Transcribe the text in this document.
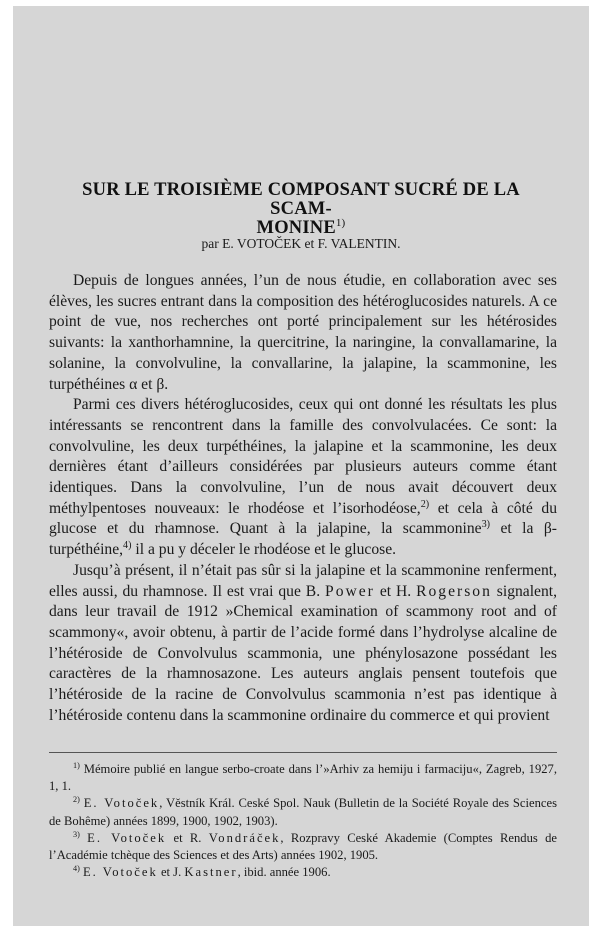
SUR LE TROISIÈME COMPOSANT SUCRÉ DE LA SCAM-
MONINE$^{1)}$
par E. VOTOČEK et F. VALENTIN.

Depuis de longues années, l’un de nous étudie, en collaboration avec ses élèves, les sucres entrant dans la composition des hétéroglucosides naturels. A ce point de vue, nos recherches ont porté principalement sur les hétérosides suivants: la xanthorhamnine, la quercitrine, la naringine, la convallamarine, la solanine, la convolvuline, la convallarine, la jalapine, la scammonine, les turpéthéines α et β.

Parmi ces divers hétéroglucosides, ceux qui ont donné les résultats les plus intéressants se rencontrent dans la famille des convolvulacées. Ce sont: la convolvuline, les deux turpéthéines, la jalapine et la scammonine, les deux dernières étant d’ailleurs considérées par plusieurs auteurs comme étant identiques. Dans la convolvuline, l’un de nous avait découvert deux méthylpentoses nouveaux: le rhodéose et l’isorhodéose,$^{2)}$ et cela à côté du glucose et du rhamnose. Quant à la jalapine, la scammonine$^{3)}$ et la β-turpéthéine,$^{4)}$ il a pu y déceler le rhodéose et le glucose.

Jusqu’à présent, il n’était pas sûr si la jalapine et la scammonine renferment, elles aussi, du rhamnose. Il est vrai que B. Power et H. Rogerson signalent, dans leur travail de 1912 »Chemical examination of scammony root and of scammony«, avoir obtenu, à partir de l’acide formé dans l’hydrolyse alcaline de l’hétéroside de Convolvulus scammonia, une phénylosazone possédant les caractères de la rhamnosazone. Les auteurs anglais pensent toutefois que l’hétéroside de la racine de Convolvulus scammonia n’est pas identique à l’hétéroside contenu dans la scammonine ordinaire du commerce et qui provient

$^{1)}$ Mémoire publié en langue serbo-croate dans l’»Arhiv za hemiju i farmaciju«, Zagreb, 1927, 1, 1.

$^{2)}$ E. Votoček, Věstník Král. Ceské Spol. Nauk (Bulletin de la Société Royale des Sciences de Bohême) années 1899, 1900, 1902, 1903).

$^{3)}$ E. Votoček et R. Vondráček, Rozpravy Ceské Akademie (Comptes Rendus de l’Académie tchèque des Sciences et des Arts) années 1902, 1905.

$^{4)}$ E. Votoček et J. Kastner, ibid. année 1906.
